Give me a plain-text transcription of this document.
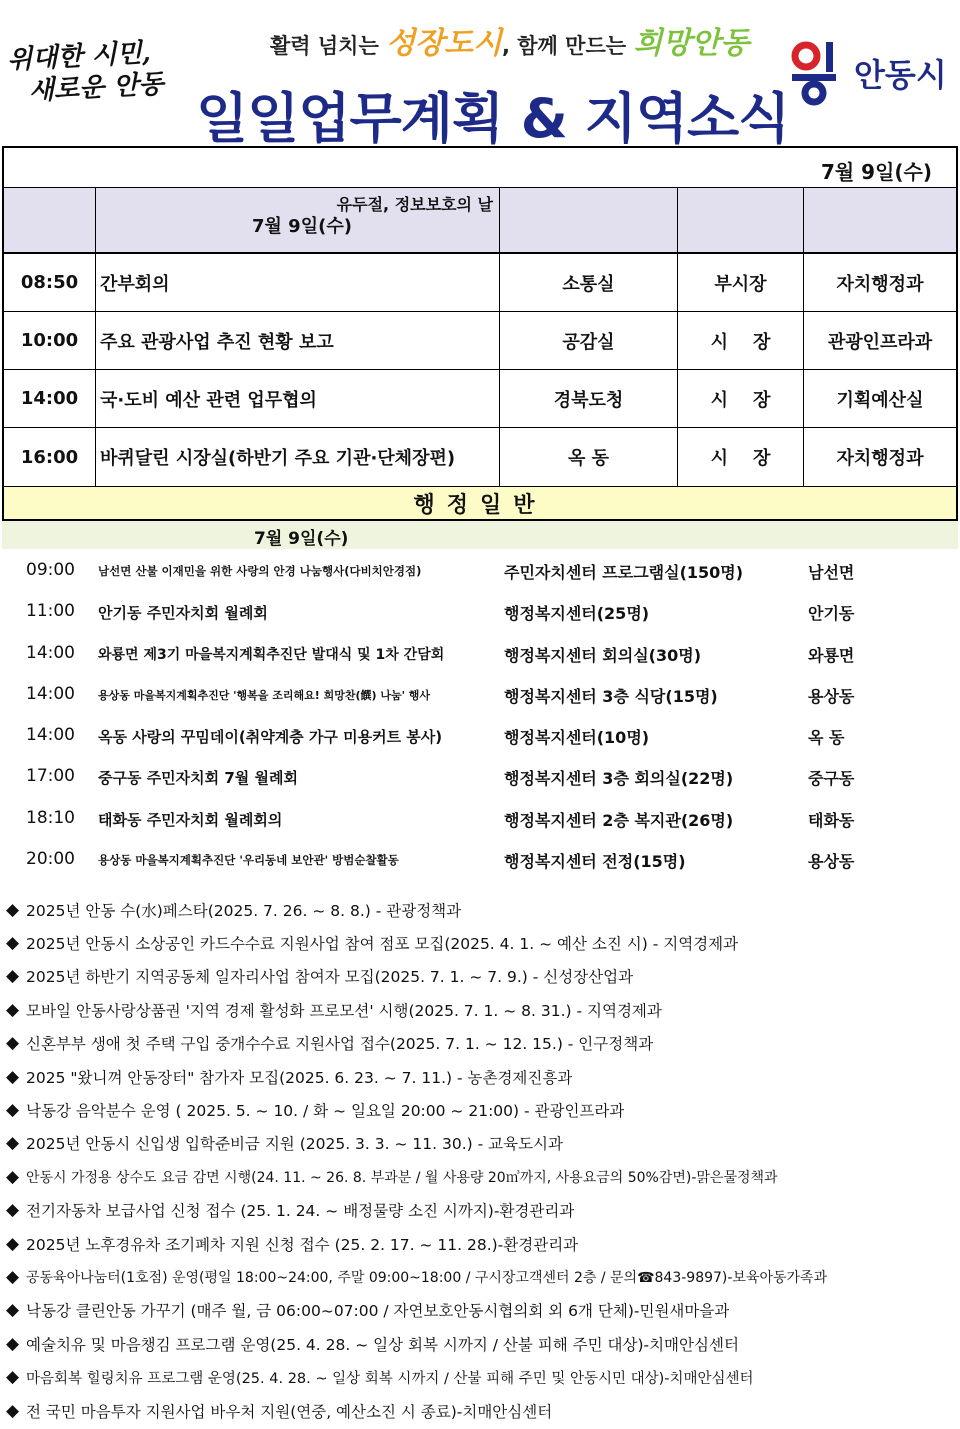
위대한 시민,
새로운 안동
활력 넘치는 성장도시, 함께 만드는 희망안동
일일업무계획 & 지역소식
안동시
7월 9일(수)
유두절, 정보보호의 날
7월 9일(수)
08:50	간부회의	소통실	부시장	자치행정과
10:00	주요 관광사업 추진 현황 보고	공감실	시    장	관광인프라과
14:00	국·도비 예산 관련 업무협의	경북도청	시    장	기획예산실
16:00	바퀴달린 시장실(하반기 주요 기관·단체장편)	옥 동	시    장	자치행정과
행정일반
7월 9일(수)
09:00 남선면 산불 이재민을 위한 사랑의 안경 나눔행사(다비치안경점)	주민자치센터 프로그램실(150명)	남선면
11:00 안기동 주민자치회 월례회	행정복지센터(25명)	안기동
14:00 와룡면 제3기 마을복지계획추진단 발대식 및 1차 간담회	행정복지센터 회의실(30명)	와룡면
14:00 용상동 마을복지계획추진단 '행복을 조리해요! 희망찬(饌) 나눔' 행사	행정복지센터 3층 식당(15명)	용상동
14:00 옥동 사랑의 꾸밈데이(취약계층 가구 미용커트 봉사)	행정복지센터(10명)	옥 동
17:00 중구동 주민자치회 7월 월례회	행정복지센터 3층 회의실(22명)	중구동
18:10 태화동 주민자치회 월례회의	행정복지센터 2층 복지관(26명)	태화동
20:00 용상동 마을복지계획추진단 '우리동네 보안관' 방범순찰활동	행정복지센터 전정(15명)	용상동
◆ 2025년 안동 수(水)페스타(2025. 7. 26. ~ 8. 8.) - 관광정책과
◆ 2025년 안동시 소상공인 카드수수료 지원사업 참여 점포 모집(2025. 4. 1. ~ 예산 소진 시) - 지역경제과
◆ 2025년 하반기 지역공동체 일자리사업 참여자 모집(2025. 7. 1. ~ 7. 9.) - 신성장산업과
◆ 모바일 안동사랑상품권 '지역 경제 활성화 프로모션' 시행(2025. 7. 1. ~ 8. 31.) - 지역경제과
◆ 신혼부부 생애 첫 주택 구입 중개수수료 지원사업 접수(2025. 7. 1. ~ 12. 15.) - 인구정책과
◆ 2025 "왔니껴 안동장터" 참가자 모집(2025. 6. 23. ~ 7. 11.) - 농촌경제진흥과
◆ 낙동강 음악분수 운영 ( 2025. 5. ~ 10. / 화 ~ 일요일 20:00 ~ 21:00) - 관광인프라과
◆ 2025년 안동시 신입생 입학준비금 지원 (2025. 3. 3. ~ 11. 30.) - 교육도시과
◆ 안동시 가정용 상수도 요금 감면 시행(24. 11. ~ 26. 8. 부과분 / 월 사용량 20㎥까지, 사용요금의 50%감면)-맑은물정책과
◆ 전기자동차 보급사업 신청 접수 (25. 1. 24. ~ 배정물량 소진 시까지)-환경관리과
◆ 2025년 노후경유차 조기폐차 지원 신청 접수 (25. 2. 17. ~ 11. 28.)-환경관리과
◆ 공동육아나눔터(1호점) 운영(평일 18:00~24:00, 주말 09:00~18:00 / 구시장고객센터 2층 / 문의☎843-9897)-보육아동가족과
◆ 낙동강 클린안동 가꾸기 (매주 월, 금 06:00~07:00 / 자연보호안동시협의회 외 6개 단체)-민원새마을과
◆ 예술치유 및 마음챙김 프로그램 운영(25. 4. 28. ~ 일상 회복 시까지 / 산불 피해 주민 대상)-치매안심센터
◆ 마음회복 힐링치유 프로그램 운영(25. 4. 28. ~ 일상 회복 시까지 / 산불 피해 주민 및 안동시민 대상)-치매안심센터
◆ 전 국민 마음투자 지원사업 바우처 지원(연중, 예산소진 시 종료)-치매안심센터
